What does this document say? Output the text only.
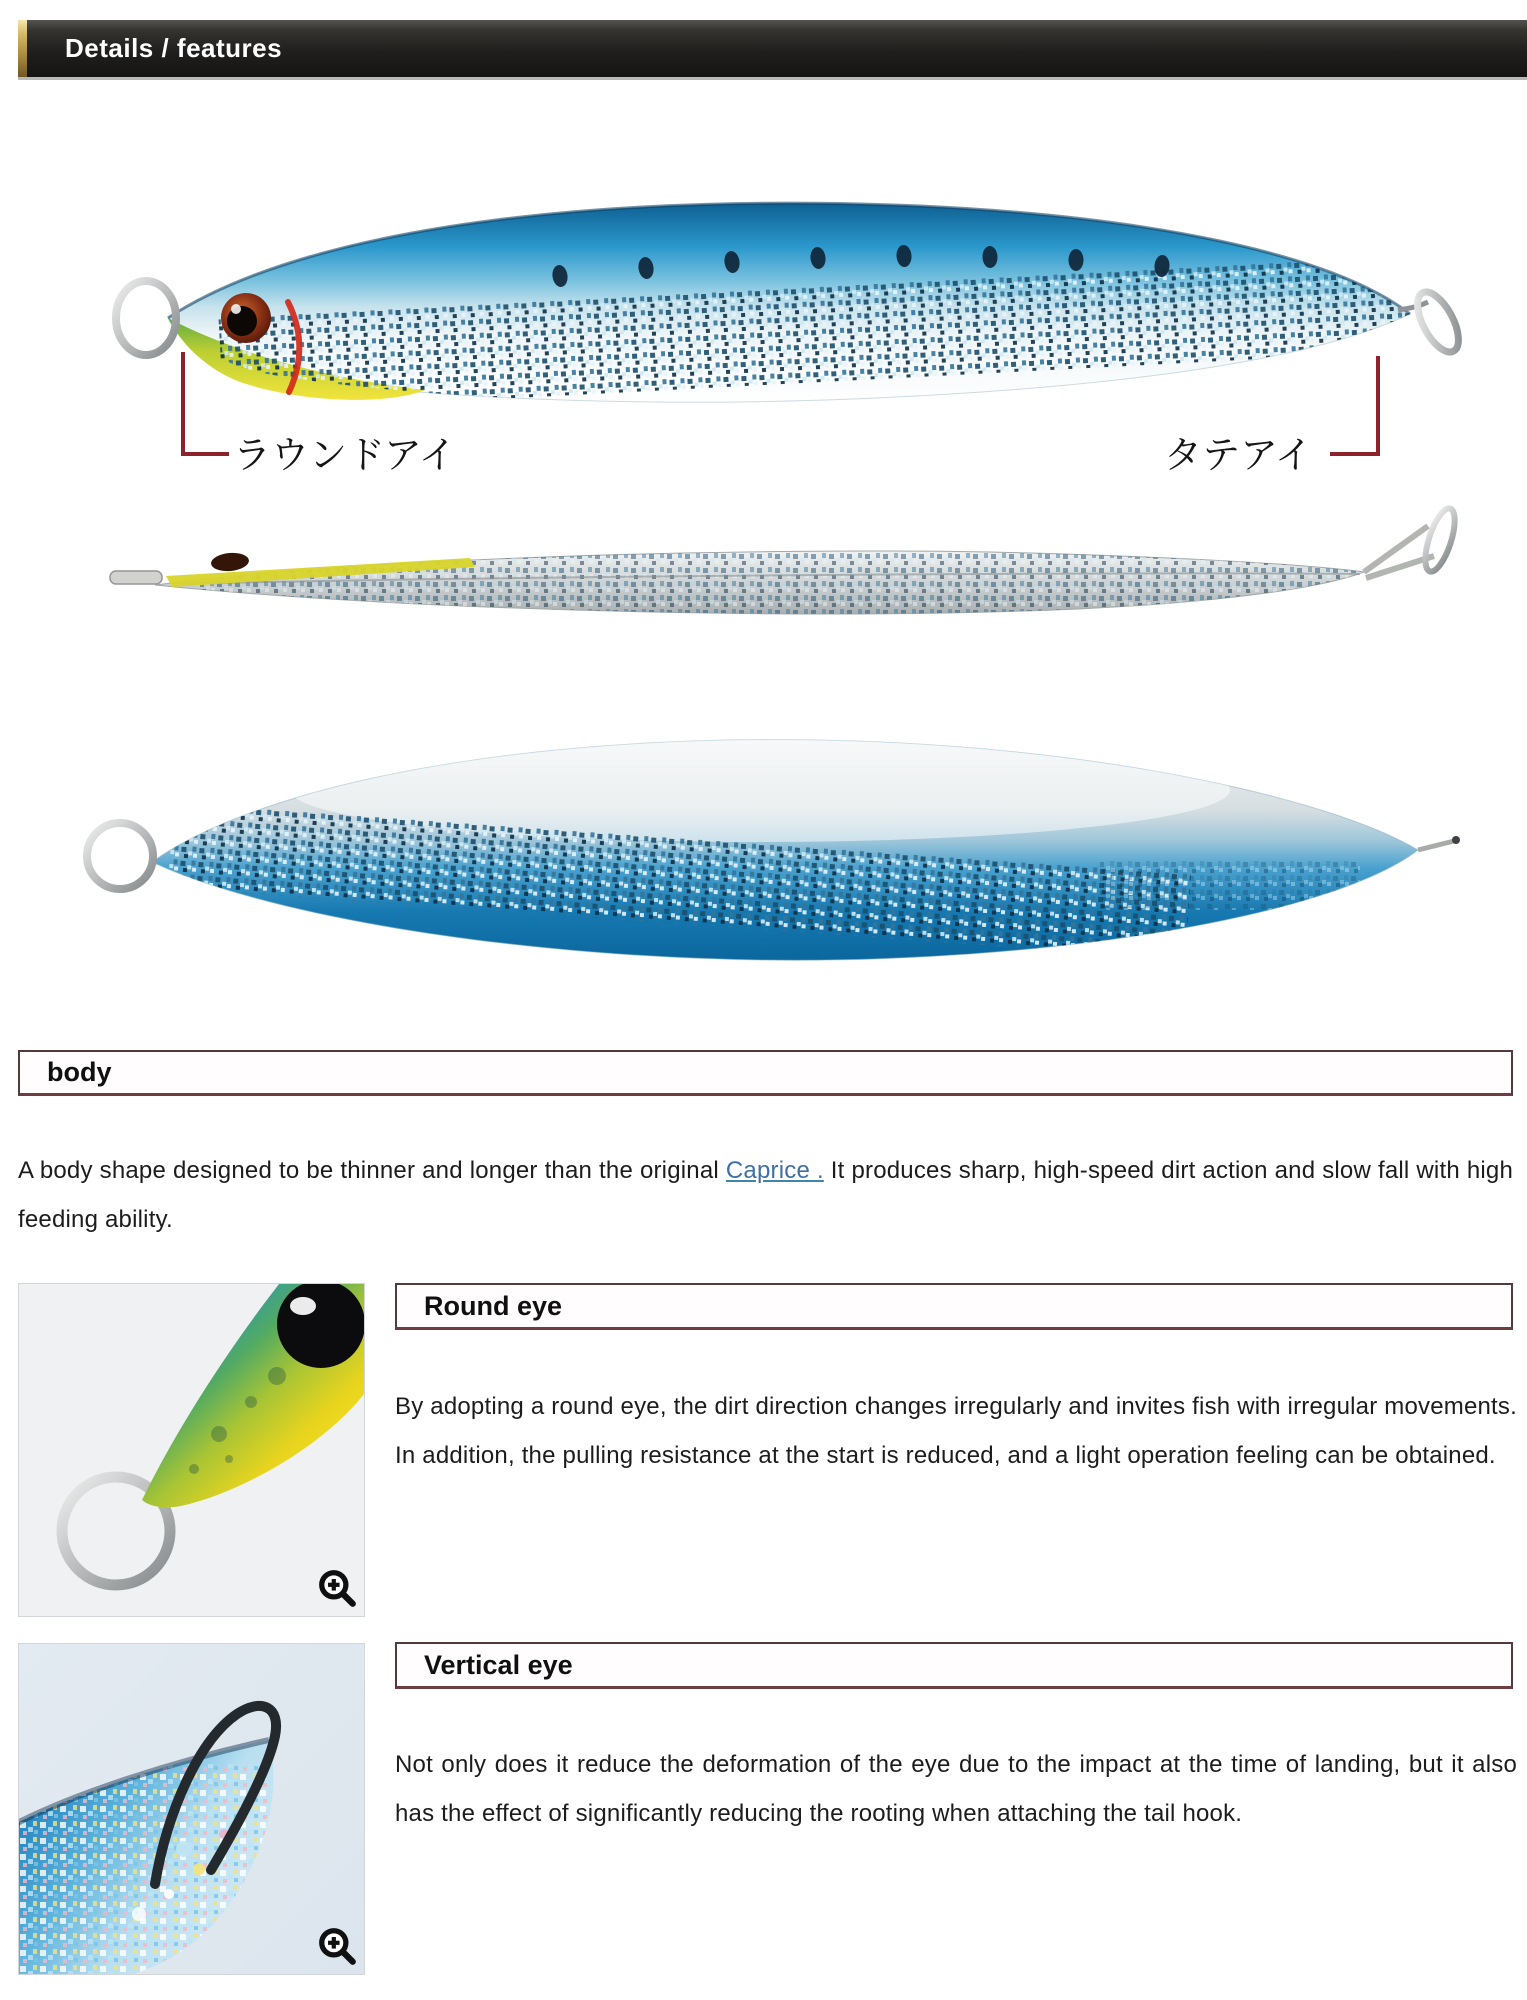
Details / features
ラウンドアイ	タテアイ
body

A body shape designed to be thinner and longer than the original Caprice . It produces sharp, high-speed dirt action and slow fall with high feeding ability.

Round eye

By adopting a round eye, the dirt direction changes irregularly and invites fish with irregular movements. In addition, the pulling resistance at the start is reduced, and a light operation feeling can be obtained.

Vertical eye

Not only does it reduce the deformation of the eye due to the impact at the time of landing, but it also has the effect of significantly reducing the rooting when attaching the tail hook.
